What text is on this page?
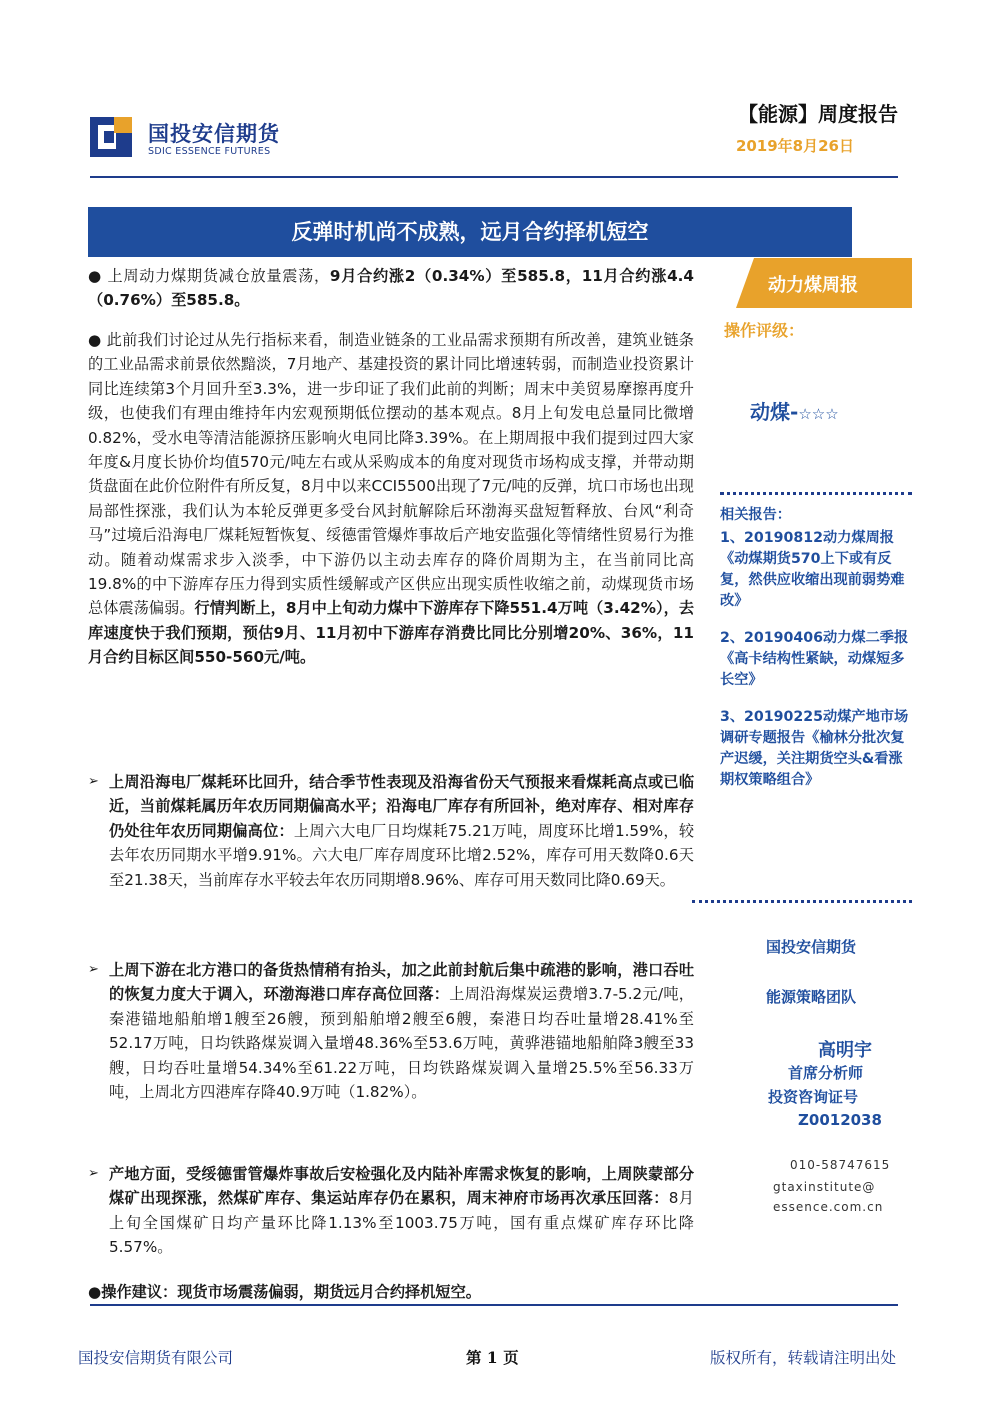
国投安信期货
SDIC ESSENCE FUTURES
【能源】周度报告
2019年8月26日
反弹时机尚不成熟，远月合约择机短空
动力煤周报
操作评级：
动煤-☆☆☆
相关报告：
1、20190812动力煤周报《动煤期货570上下或有反复，然供应收缩出现前弱势难改》
2、20190406动力煤二季报《高卡结构性紧缺，动煤短多长空》
3、20190225动煤产地市场调研专题报告《榆林分批次复产迟缓，关注期货空头&看涨期权策略组合》
国投安信期货
能源策略团队
高明宇
首席分析师
投资咨询证号
Z0012038
010-58747615
gtaxinstitute@
essence.com.cn
● 上周动力煤期货减仓放量震荡，9月合约涨2（0.34%）至585.8，11月合约涨4.4（0.76%）至585.8。
● 此前我们讨论过从先行指标来看，制造业链条的工业品需求预期有所改善，建筑业链条的工业品需求前景依然黯淡，7月地产、基建投资的累计同比增速转弱，而制造业投资累计同比连续第3个月回升至3.3%，进一步印证了我们此前的判断；周末中美贸易摩擦再度升级，也使我们有理由维持年内宏观预期低位摆动的基本观点。8月上旬发电总量同比微增0.82%，受水电等清洁能源挤压影响火电同比降3.39%。在上期周报中我们提到过四大家年度&月度长协价均值570元/吨左右或从采购成本的角度对现货市场构成支撑，并带动期货盘面在此价位附件有所反复，8月中以来CCI5500出现了7元/吨的反弹，坑口市场也出现局部性探涨，我们认为本轮反弹更多受台风封航解除后环渤海买盘短暂释放、台风“利奇马”过境后沿海电厂煤耗短暂恢复、绥德雷管爆炸事故后产地安监强化等情绪性贸易行为推动。随着动煤需求步入淡季，中下游仍以主动去库存的降价周期为主，在当前同比高19.8%的中下游库存压力得到实质性缓解或产区供应出现实质性收缩之前，动煤现货市场总体震荡偏弱。行情判断上，8月中上旬动力煤中下游库存下降551.4万吨（3.42%），去库速度快于我们预期，预估9月、11月初中下游库存消费比同比分别增20%、36%，11月合约目标区间550-560元/吨。
➢ 上周沿海电厂煤耗环比回升，结合季节性表现及沿海省份天气预报来看煤耗高点或已临近，当前煤耗属历年农历同期偏高水平；沿海电厂库存有所回补，绝对库存、相对库存仍处往年农历同期偏高位：上周六大电厂日均煤耗75.21万吨，周度环比增1.59%，较去年农历同期水平增9.91%。六大电厂库存周度环比增2.52%，库存可用天数降0.6天至21.38天，当前库存水平较去年农历同期增8.96%、库存可用天数同比降0.69天。
➢ 上周下游在北方港口的备货热情稍有抬头，加之此前封航后集中疏港的影响，港口吞吐的恢复力度大于调入，环渤海港口库存高位回落：上周沿海煤炭运费增3.7-5.2元/吨，秦港锚地船舶增1艘至26艘，预到船舶增2艘至6艘，秦港日均吞吐量增28.41%至52.17万吨，日均铁路煤炭调入量增48.36%至53.6万吨，黄骅港锚地船舶降3艘至33艘，日均吞吐量增54.34%至61.22万吨，日均铁路煤炭调入量增25.5%至56.33万吨，上周北方四港库存降40.9万吨（1.82%）。
➢ 产地方面，受绥德雷管爆炸事故后安检强化及内陆补库需求恢复的影响，上周陕蒙部分煤矿出现探涨，然煤矿库存、集运站库存仍在累积，周末神府市场再次承压回落：8月上旬全国煤矿日均产量环比降1.13%至1003.75万吨，国有重点煤矿库存环比降5.57%。
●操作建议：现货市场震荡偏弱，期货远月合约择机短空。
国投安信期货有限公司	第 1 页	版权所有，转载请注明出处
